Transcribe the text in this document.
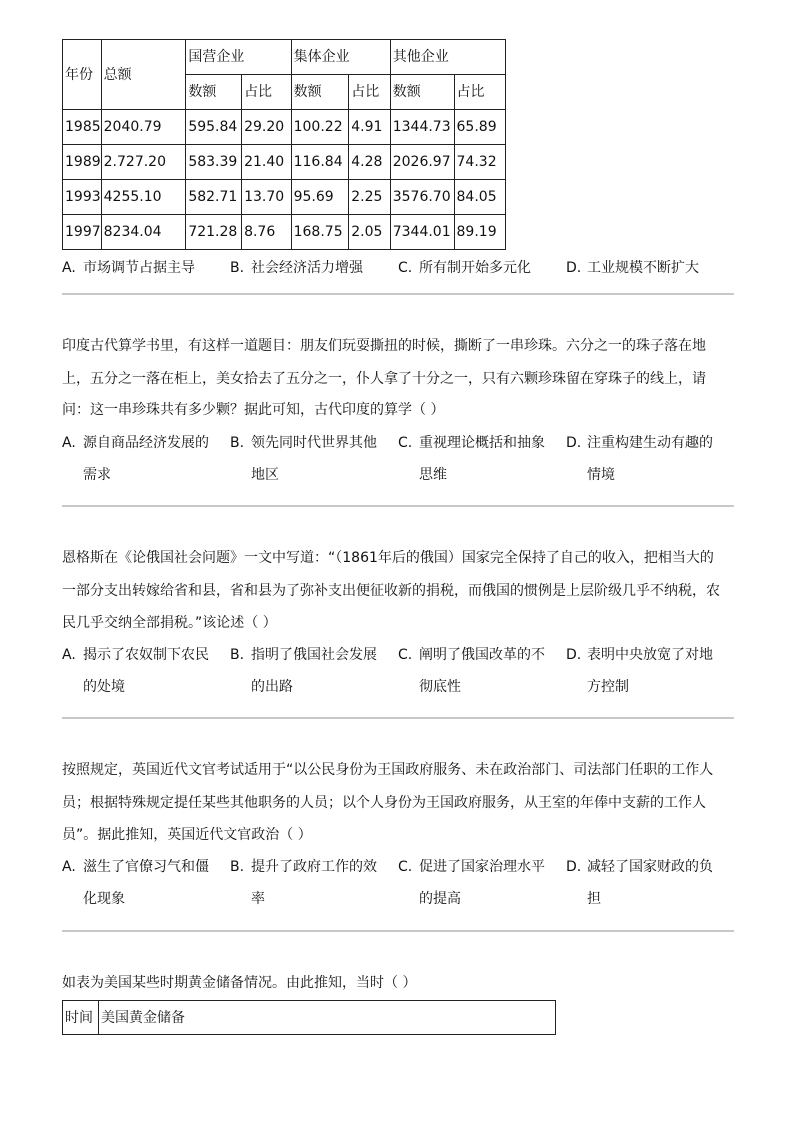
年份	总额	国营企业		集体企业		其他企业	
		数额	占比	数额	占比	数额	占比
1985	2040.79	595.84	29.20	100.22	4.91	1344.73	65.89
1989	2.727.20	583.39	21.40	116.84	4.28	2026.97	74.32
1993	4255.10	582.71	13.70	95.69	2.25	3576.70	84.05
1997	8234.04	721.28	8.76	168.75	2.05	7344.01	89.19
A. 市场调节占据主导	B. 社会经济活力增强	C. 所有制开始多元化	D. 工业规模不断扩大
印度古代算学书里，有这样一道题目：朋友们玩耍撕扭的时候，撕断了一串珍珠。六分之一的珠子落在地
上，五分之一落在柜上，美女拾去了五分之一，仆人拿了十分之一，只有六颗珍珠留在穿珠子的线上，请
问：这一串珍珠共有多少颗？据此可知，古代印度的算学（ ）
A. 源自商品经济发展的
需求
B. 领先同时代世界其他
地区
C. 重视理论概括和抽象
思维
D. 注重构建生动有趣的
情境
恩格斯在《论俄国社会问题》一文中写道：“（1861年后的俄国）国家完全保持了自己的收入，把相当大的
一部分支出转嫁给省和县，省和县为了弥补支出便征收新的捐税，而俄国的惯例是上层阶级几乎不纳税，农
民几乎交纳全部捐税。”该论述（ ）
A. 揭示了农奴制下农民
的处境
B. 指明了俄国社会发展
的出路
C. 阐明了俄国改革的不
彻底性
D. 表明中央放宽了对地
方控制
按照规定，英国近代文官考试适用于“以公民身份为王国政府服务、未在政治部门、司法部门任职的工作人
员；根据特殊规定提任某些其他职务的人员；以个人身份为王国政府服务，从王室的年俸中支薪的工作人
员”。据此推知，英国近代文官政治（ ）
A. 滋生了官僚习气和僵
化现象
B. 提升了政府工作的效
率
C. 促进了国家治理水平
的提高
D. 减轻了国家财政的负
担
如表为美国某些时期黄金储备情况。由此推知，当时（ ）
时间	美国黄金储备
